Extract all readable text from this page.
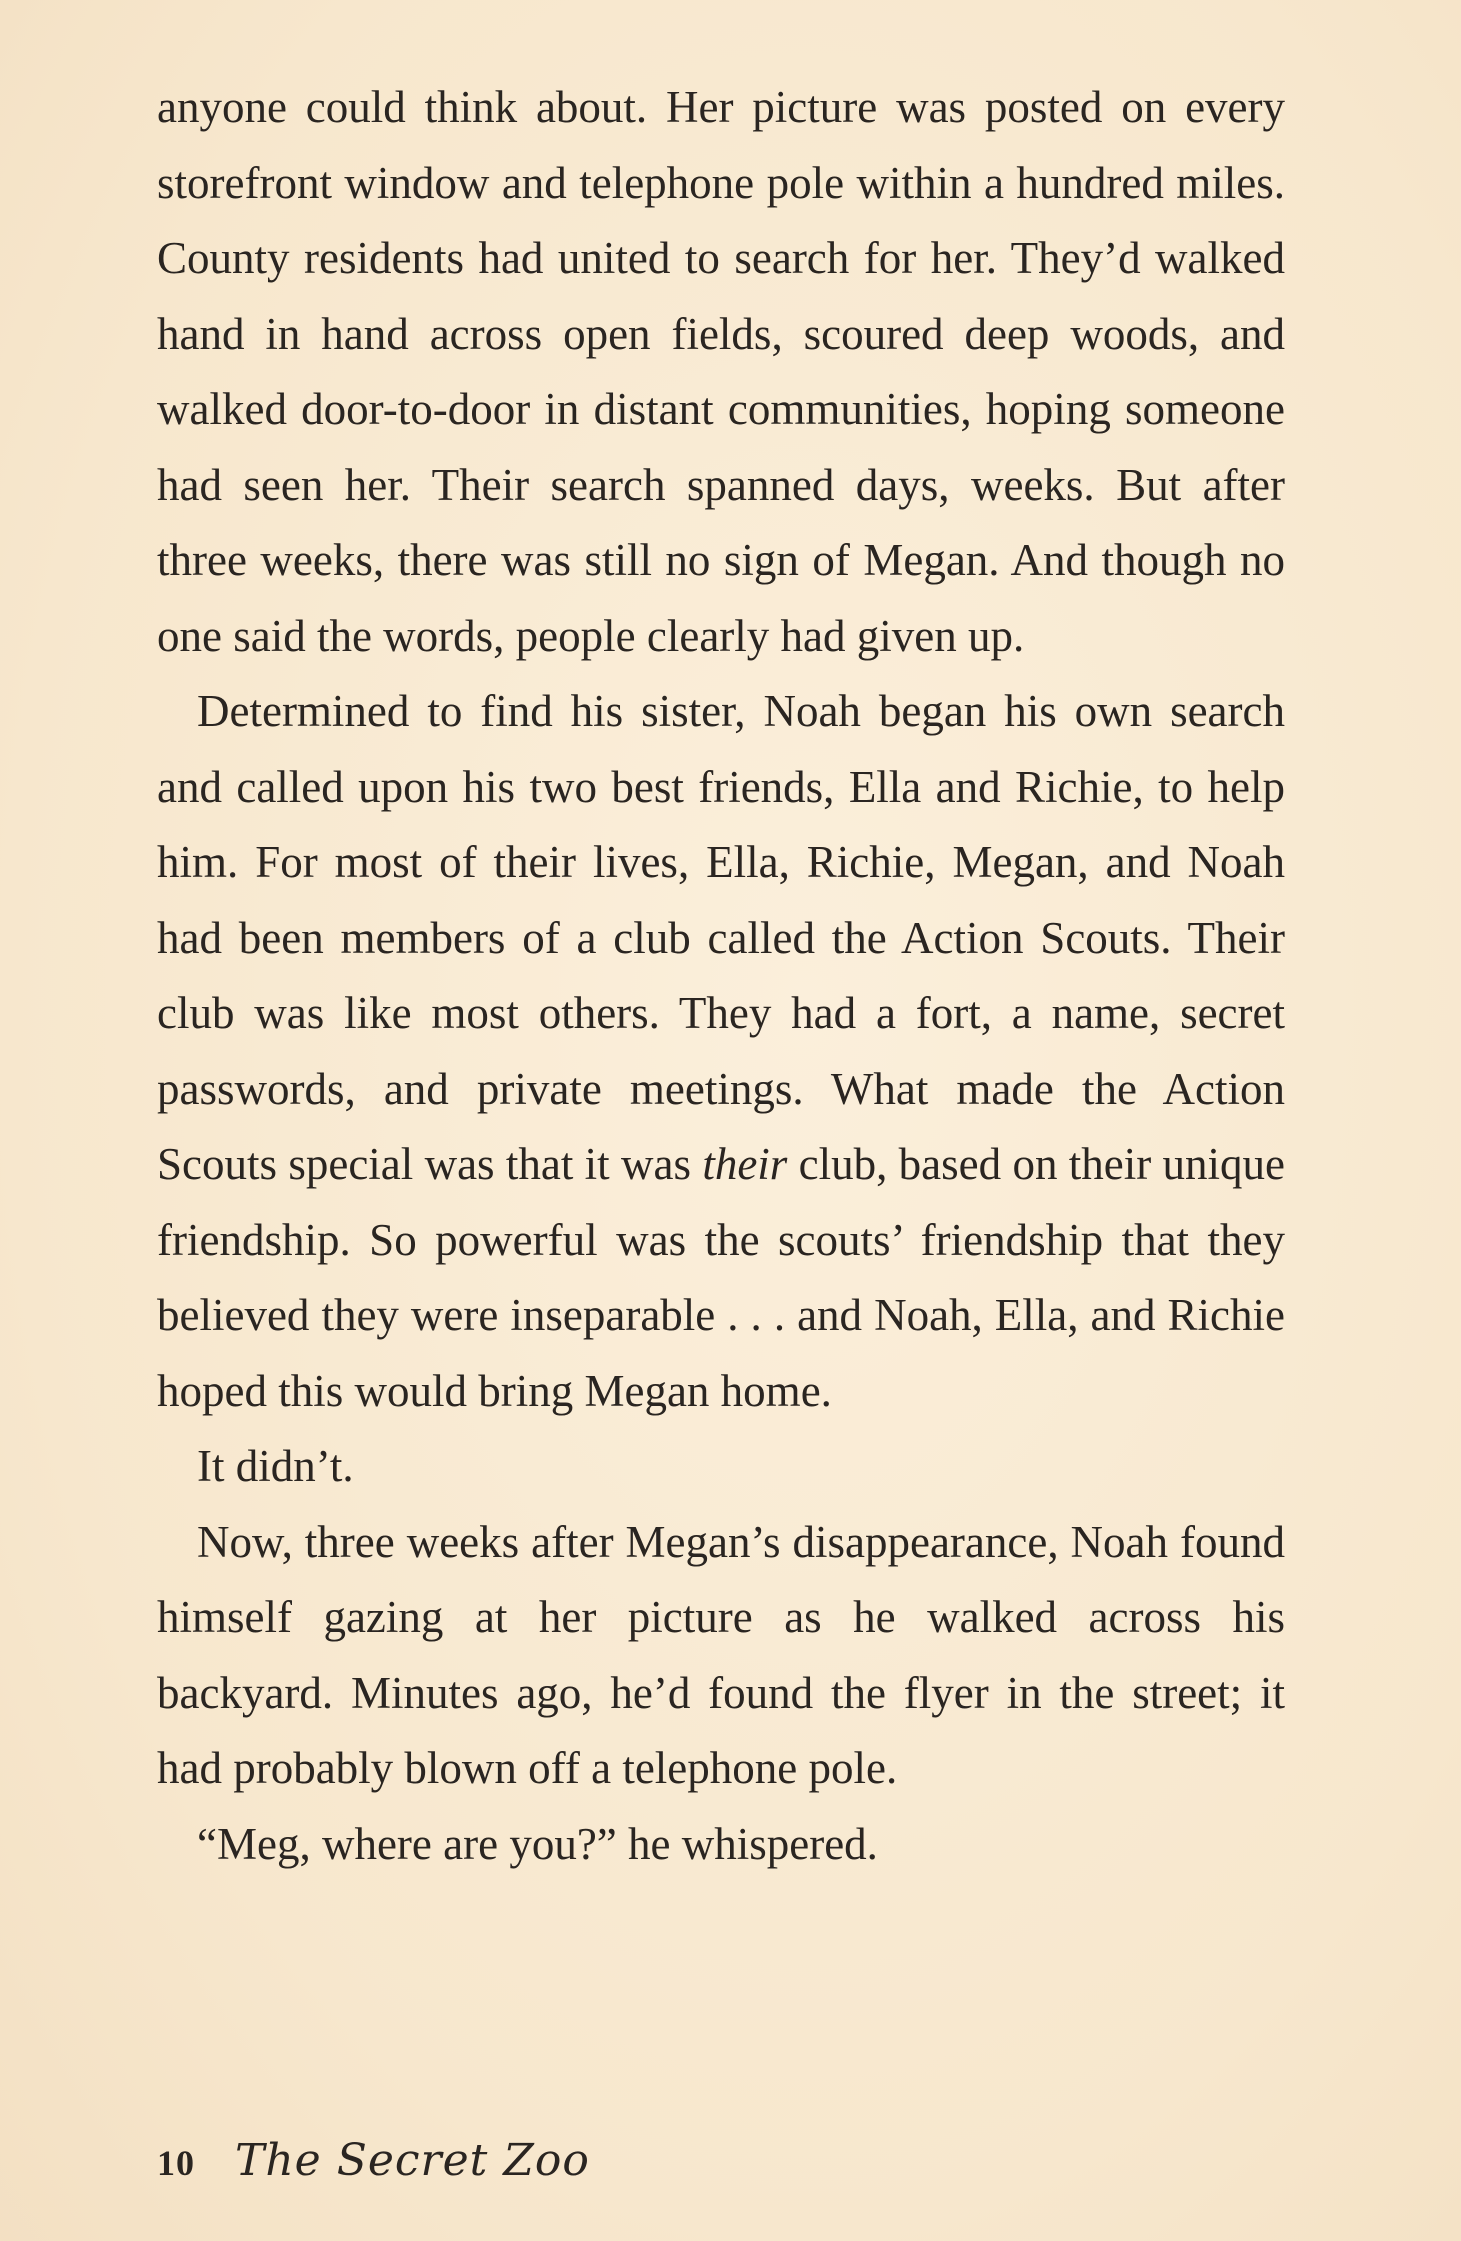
anyone could think about. Her picture was posted on every storefront window and telephone pole within a hundred miles. County residents had united to search for her. They’d walked hand in hand across open fields, scoured deep woods, and walked door-to-door in distant communities, hoping someone had seen her. Their search spanned days, weeks. But after three weeks, there was still no sign of Megan. And though no one said the words, people clearly had given up.

Determined to find his sister, Noah began his own search and called upon his two best friends, Ella and Richie, to help him. For most of their lives, Ella, Richie, Megan, and Noah had been members of a club called the Action Scouts. Their club was like most others. They had a fort, a name, secret passwords, and private meetings. What made the Action Scouts special was that it was their club, based on their unique friendship. So powerful was the scouts’ friendship that they believed they were inseparable . . . and Noah, Ella, and Richie hoped this would bring Megan home.

It didn’t.

Now, three weeks after Megan’s disappearance, Noah found himself gazing at her picture as he walked across his backyard. Minutes ago, he’d found the flyer in the street; it had probably blown off a telephone pole.

“Meg, where are you?” he whispered.

10 The Secret Zoo
